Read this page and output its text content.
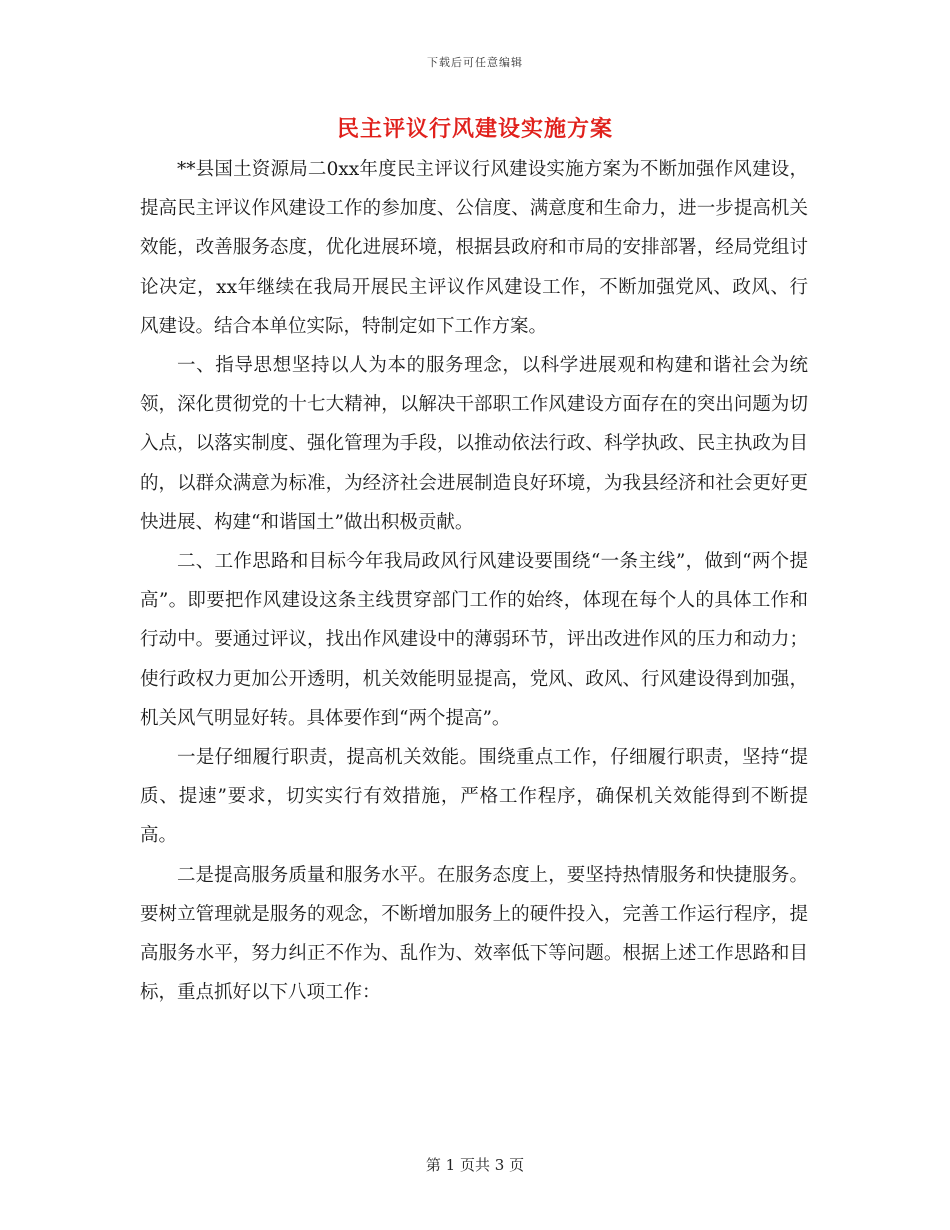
下载后可任意编辑
民主评议行风建设实施方案

**县国土资源局二0xx年度民主评议行风建设实施方案为不断加强作风建设，提高民主评议作风建设工作的参加度、公信度、满意度和生命力，进一步提高机关效能，改善服务态度，优化进展环境，根据县政府和市局的安排部署，经局党组讨论决定，xx年继续在我局开展民主评议作风建设工作，不断加强党风、政风、行风建设。结合本单位实际，特制定如下工作方案。

一、指导思想坚持以人为本的服务理念，以科学进展观和构建和谐社会为统领，深化贯彻党的十七大精神，以解决干部职工作风建设方面存在的突出问题为切入点，以落实制度、强化管理为手段，以推动依法行政、科学执政、民主执政为目的，以群众满意为标准，为经济社会进展制造良好环境，为我县经济和社会更好更快进展、构建“和谐国土”做出积极贡献。

二、工作思路和目标今年我局政风行风建设要围绕“一条主线”，做到“两个提高”。即要把作风建设这条主线贯穿部门工作的始终，体现在每个人的具体工作和行动中。要通过评议，找出作风建设中的薄弱环节，评出改进作风的压力和动力；使行政权力更加公开透明，机关效能明显提高，党风、政风、行风建设得到加强，机关风气明显好转。具体要作到“两个提高”。

一是仔细履行职责，提高机关效能。围绕重点工作，仔细履行职责，坚持“提质、提速”要求，切实实行有效措施，严格工作程序，确保机关效能得到不断提高。

二是提高服务质量和服务水平。在服务态度上，要坚持热情服务和快捷服务。要树立管理就是服务的观念，不断增加服务上的硬件投入，完善工作运行程序，提高服务水平，努力纠正不作为、乱作为、效率低下等问题。根据上述工作思路和目标，重点抓好以下八项工作：

第 1 页共 3 页
